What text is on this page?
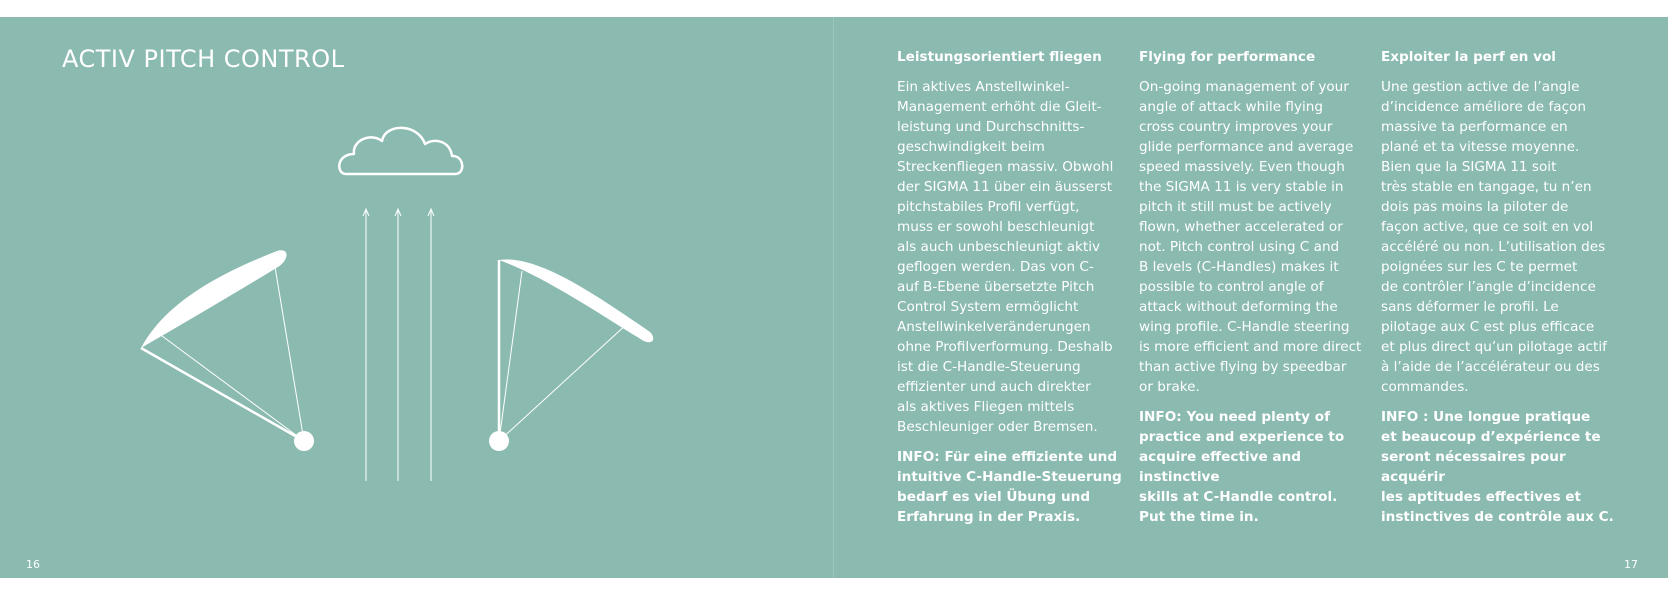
ACTIV PITCH CONTROL	Leistungsorientiert fliegen

Ein aktives Anstellwinkel-
Management erhöht die Gleit-
leistung und Durchschnitts-
geschwindigkeit beim
Streckenfliegen massiv. Obwohl
der SIGMA 11 über ein äusserst
pitchstabiles Profil verfügt,
muss er sowohl beschleunigt
als auch unbeschleunigt aktiv
geflogen werden. Das von C-
auf B-Ebene übersetzte Pitch
Control System ermöglicht
Anstellwinkelveränderungen
ohne Profilverformung. Deshalb
ist die C-Handle-Steuerung
effizienter und auch direkter
als aktives Fliegen mittels
Beschleuniger oder Bremsen.

INFO: Für eine effiziente und
intuitive C-Handle-Steuerung
bedarf es viel Übung und
Erfahrung in der Praxis.

Flying for performance

On-going management of your
angle of attack while flying
cross country improves your
glide performance and average
speed massively. Even though
the SIGMA 11 is very stable in
pitch it still must be actively
flown, whether accelerated or
not. Pitch control using C and
B levels (C-Handles) makes it
possible to control angle of
attack without deforming the
wing profile. C-Handle steering
is more efficient and more direct
than active flying by speedbar
or brake.

INFO: You need plenty of
practice and experience to
acquire effective and instinctive
skills at C-Handle control.
Put the time in.

Exploiter la perf en vol

Une gestion active de l’angle
d’incidence améliore de façon
massive ta performance en
plané et ta vitesse moyenne.
Bien que la SIGMA 11 soit
très stable en tangage, tu n’en
dois pas moins la piloter de
façon active, que ce soit en vol
accéléré ou non. L’utilisation des
poignées sur les C te permet
de contrôler l’angle d’incidence
sans déformer le profil. Le
pilotage aux C est plus efficace
et plus direct qu’un pilotage actif
à l’aide de l’accélérateur ou des
commandes.

INFO : Une longue pratique
et beaucoup d’expérience te
seront nécessaires pour acquérir
les aptitudes effectives et
instinctives de contrôle aux C.

16	17
